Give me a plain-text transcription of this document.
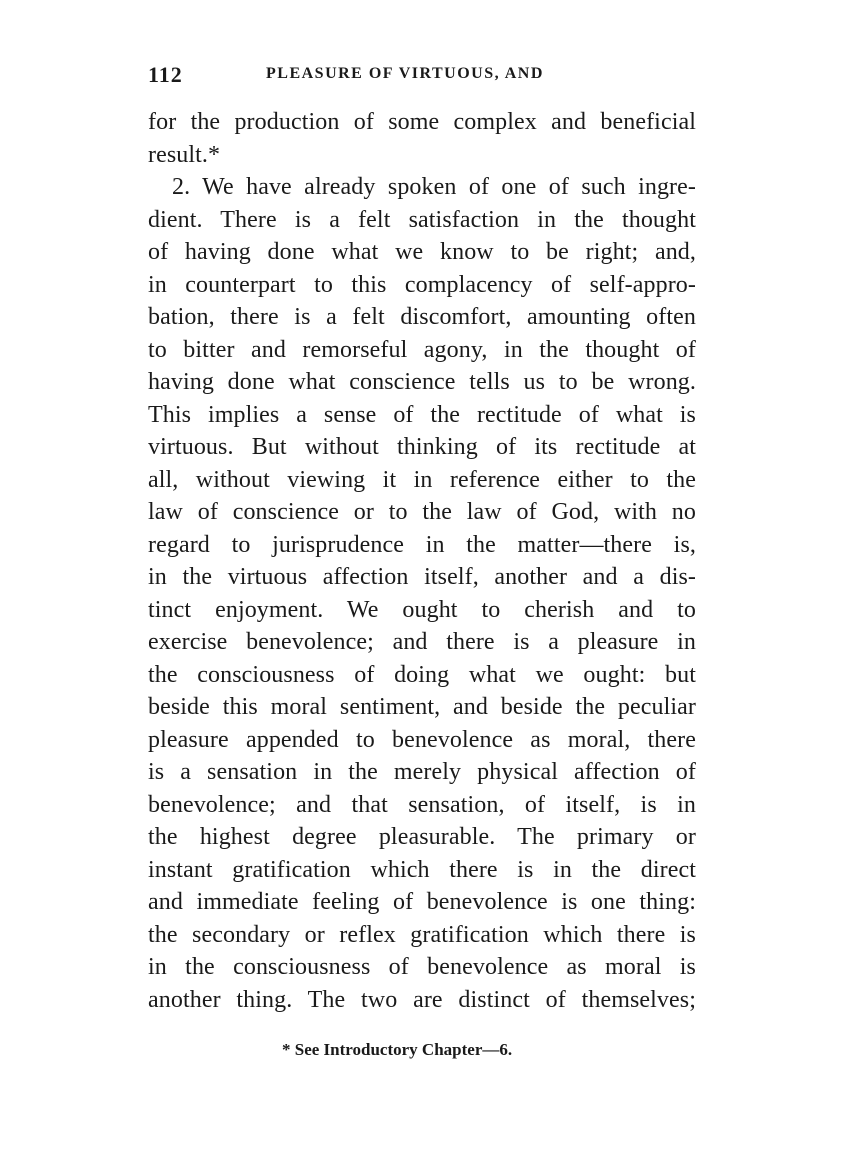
112	PLEASURE OF VIRTUOUS, AND
for the production of some complex and beneficial
result.*
2. We have already spoken of one of such ingre-
dient. There is a felt satisfaction in the thought
of having done what we know to be right; and,
in counterpart to this complacency of self-appro-
bation, there is a felt discomfort, amounting often
to bitter and remorseful agony, in the thought of
having done what conscience tells us to be wrong.
This implies a sense of the rectitude of what is
virtuous. But without thinking of its rectitude at
all, without viewing it in reference either to the
law of conscience or to the law of God, with no
regard to jurisprudence in the matter—there is,
in the virtuous affection itself, another and a dis-
tinct enjoyment. We ought to cherish and to
exercise benevolence; and there is a pleasure in
the consciousness of doing what we ought: but
beside this moral sentiment, and beside the peculiar
pleasure appended to benevolence as moral, there
is a sensation in the merely physical affection of
benevolence; and that sensation, of itself, is in
the highest degree pleasurable. The primary or
instant gratification which there is in the direct
and immediate feeling of benevolence is one thing:
the secondary or reflex gratification which there is
in the consciousness of benevolence as moral is
another thing. The two are distinct of themselves;
* See Introductory Chapter—6.
